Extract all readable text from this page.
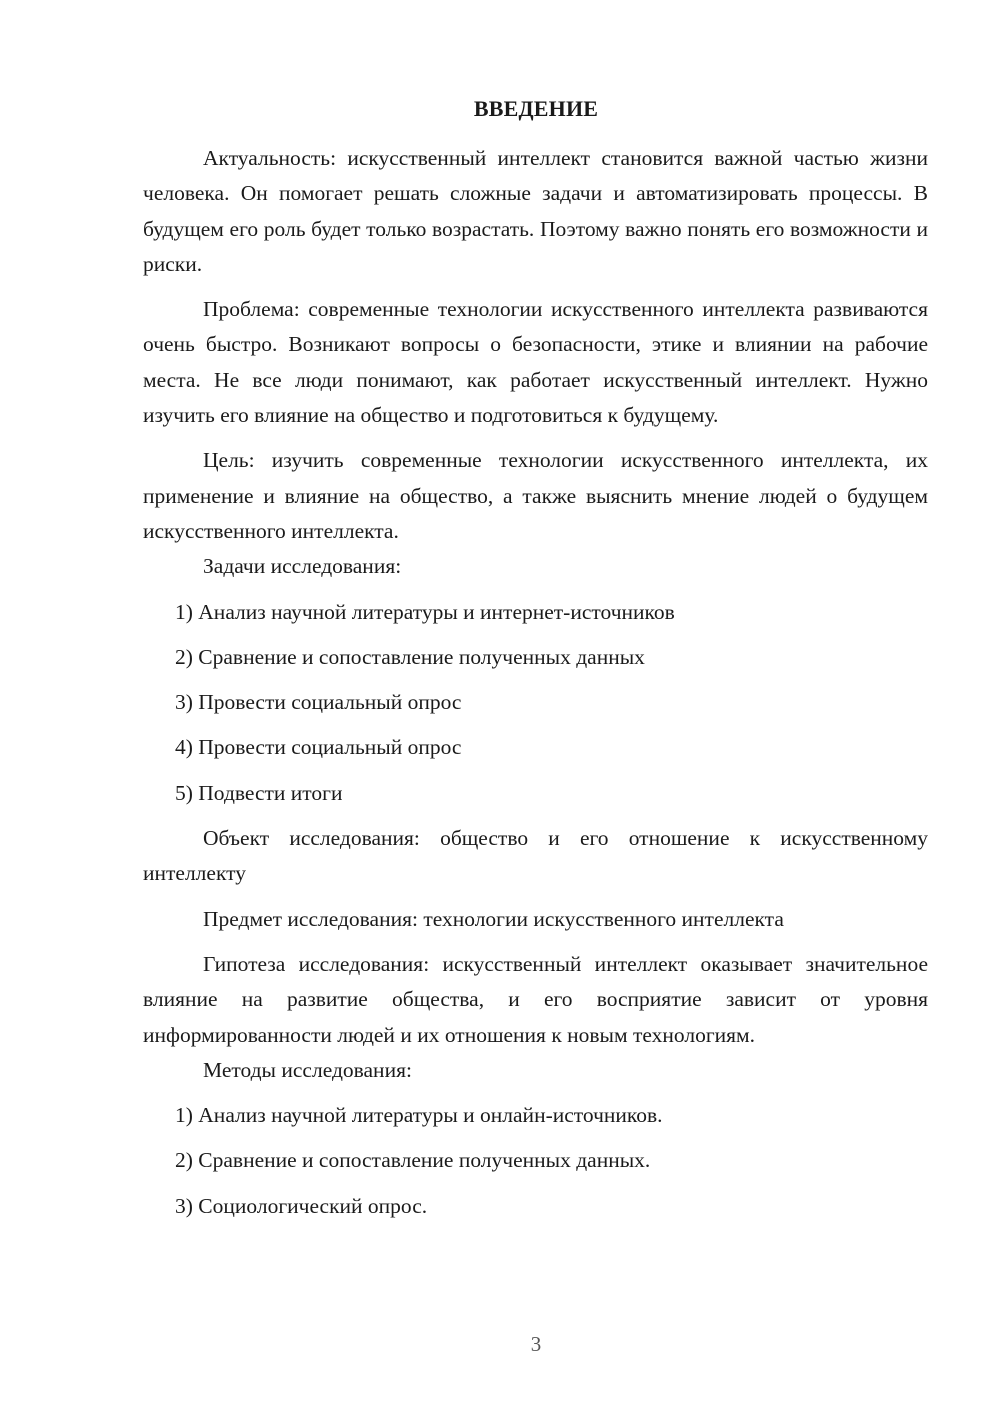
ВВЕДЕНИЕ

Актуальность: искусственный интеллект становится важной частью жизни человека. Он помогает решать сложные задачи и автоматизировать процессы. В будущем его роль будет только возрастать. Поэтому важно понять его возможности и риски.

Проблема: современные технологии искусственного интеллекта развиваются очень быстро. Возникают вопросы о безопасности, этике и влиянии на рабочие места. Не все люди понимают, как работает искусственный интеллект. Нужно изучить его влияние на общество и подготовиться к будущему.

Цель: изучить современные технологии искусственного интеллекта, их применение и влияние на общество, а также выяснить мнение людей о будущем искусственного интеллекта.

Задачи исследования:

1) Анализ научной литературы и интернет-источников

2) Сравнение и сопоставление полученных данных

3) Провести социальный опрос

4) Провести социальный опрос

5) Подвести итоги

Объект исследования: общество и его отношение к искусственному интеллекту

Предмет исследования: технологии искусственного интеллекта

Гипотеза исследования: искусственный интеллект оказывает значительное влияние на развитие общества, и его восприятие зависит от уровня информированности людей и их отношения к новым технологиям.

Методы исследования:

1) Анализ научной литературы и онлайн-источников.

2) Сравнение и сопоставление полученных данных.

3) Социологический опрос.

3
